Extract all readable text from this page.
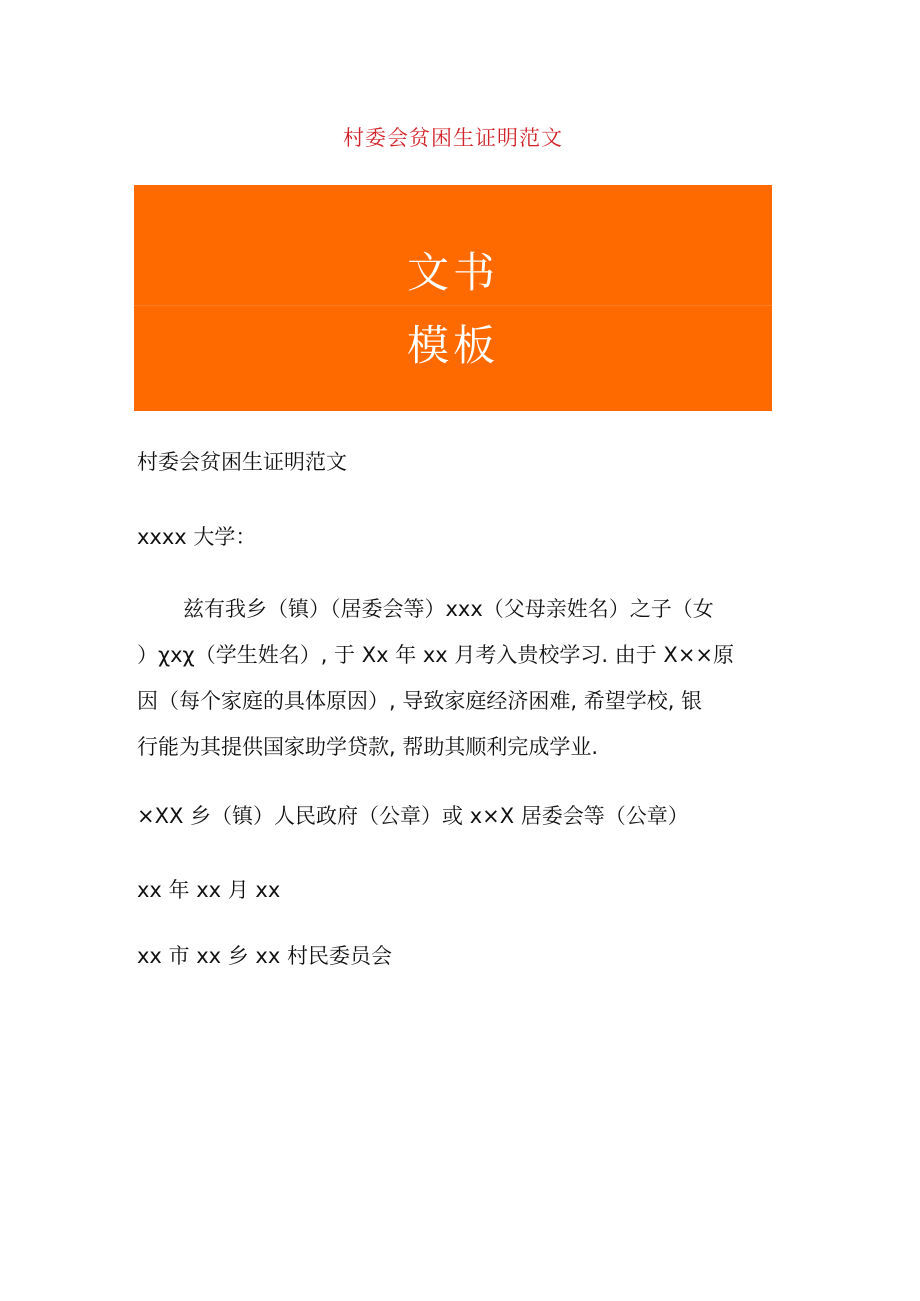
村委会贫困生证明范文
文书
模板
村委会贫困生证明范文
xxxx 大学：
兹有我乡（镇）（居委会等）xxx（父母亲姓名）之子（女
）χxχ（学生姓名）, 于 Xx 年 xx 月考入贵校学习. 由于 X××原
因（每个家庭的具体原因）, 导致家庭经济困难, 希望学校, 银
行能为其提供国家助学贷款, 帮助其顺利完成学业.
×XX 乡（镇）人民政府（公章）或 x×X 居委会等（公章）
xx 年 xx 月 xx
xx 市 xx 乡 xx 村民委员会
